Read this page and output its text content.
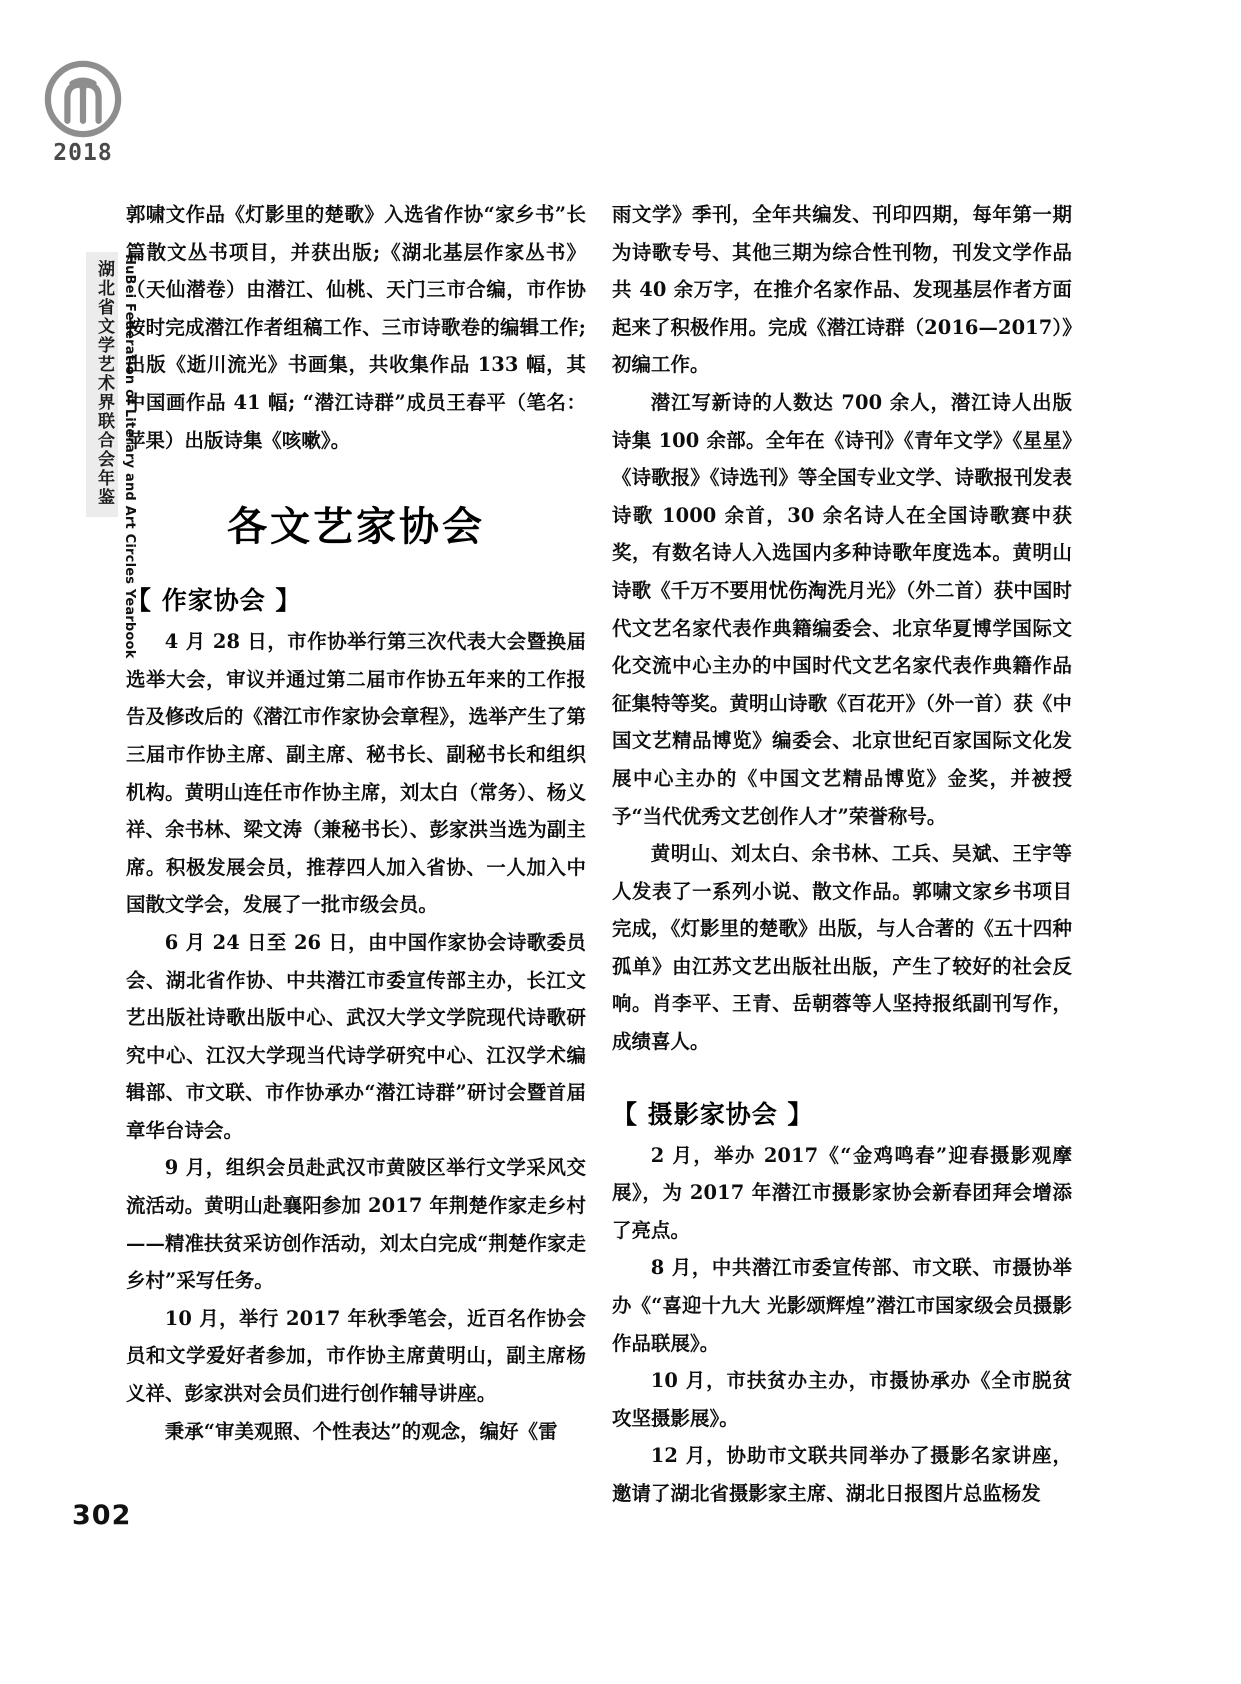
2018
湖北省文学艺术界联合会年鉴 HuBei Federation of Literary and Art Circles Yearbook
302

郭啸文作品《灯影里的楚歌》入选省作协“家乡书”长篇散文丛书项目，并获出版;《湖北基层作家丛书》（天仙潜卷）由潜江、仙桃、天门三市合编，市作协按时完成潜江作者组稿工作、三市诗歌卷的编辑工作; 出版《逝川流光》书画集，共收集作品 133 幅，其中国画作品 41 幅; “潜江诗群”成员王春平（笔名：苹果）出版诗集《咳嗽》。

各文艺家协会
【 作家协会 】

4 月 28 日，市作协举行第三次代表大会暨换届选举大会，审议并通过第二届市作协五年来的工作报告及修改后的《潜江市作家协会章程》，选举产生了第三届市作协主席、副主席、秘书长、副秘书长和组织机构。黄明山连任市作协主席，刘太白（常务）、杨义祥、余书林、梁文涛（兼秘书长）、彭家洪当选为副主席。积极发展会员，推荐四人加入省协、一人加入中国散文学会，发展了一批市级会员。

6 月 24 日至 26 日，由中国作家协会诗歌委员会、湖北省作协、中共潜江市委宣传部主办，长江文艺出版社诗歌出版中心、武汉大学文学院现代诗歌研究中心、江汉大学现当代诗学研究中心、江汉学术编辑部、市文联、市作协承办“潜江诗群”研讨会暨首届章华台诗会。

9 月，组织会员赴武汉市黄陂区举行文学采风交流活动。黄明山赴襄阳参加 2017 年荆楚作家走乡村——精准扶贫采访创作活动，刘太白完成“荆楚作家走乡村”采写任务。

10 月，举行 2017 年秋季笔会，近百名作协会员和文学爱好者参加，市作协主席黄明山，副主席杨义祥、彭家洪对会员们进行创作辅导讲座。

秉承“审美观照、个性表达”的观念，编好《雷

雨文学》季刊，全年共编发、刊印四期，每年第一期为诗歌专号、其他三期为综合性刊物，刊发文学作品共 40 余万字，在推介名家作品、发现基层作者方面起来了积极作用。完成《潜江诗群（2016—2017）》初编工作。

潜江写新诗的人数达 700 余人，潜江诗人出版诗集 100 余部。全年在《诗刊》《青年文学》《星星》《诗歌报》《诗选刊》等全国专业文学、诗歌报刊发表诗歌 1000 余首，30 余名诗人在全国诗歌赛中获奖，有数名诗人入选国内多种诗歌年度选本。黄明山诗歌《千万不要用忧伤淘洗月光》（外二首）获中国时代文艺名家代表作典籍编委会、北京华夏博学国际文化交流中心主办的中国时代文艺名家代表作典籍作品征集特等奖。黄明山诗歌《百花开》（外一首）获《中国文艺精品博览》编委会、北京世纪百家国际文化发展中心主办的《中国文艺精品博览》金奖，并被授予“当代优秀文艺创作人才”荣誉称号。

黄明山、刘太白、余书林、工兵、吴斌、王宇等人发表了一系列小说、散文作品。郭啸文家乡书项目完成，《灯影里的楚歌》出版，与人合著的《五十四种孤单》由江苏文艺出版社出版，产生了较好的社会反响。肖李平、王青、岳朝蓉等人坚持报纸副刊写作，成绩喜人。

【 摄影家协会 】

2 月，举办 2017《“金鸡鸣春”迎春摄影观摩展》，为 2017 年潜江市摄影家协会新春团拜会增添了亮点。

8 月，中共潜江市委宣传部、市文联、市摄协举办《“喜迎十九大 光影颂辉煌”潜江市国家级会员摄影作品联展》。

10 月，市扶贫办主办，市摄协承办《全市脱贫攻坚摄影展》。

12 月，协助市文联共同举办了摄影名家讲座，邀请了湖北省摄影家主席、湖北日报图片总监杨发
